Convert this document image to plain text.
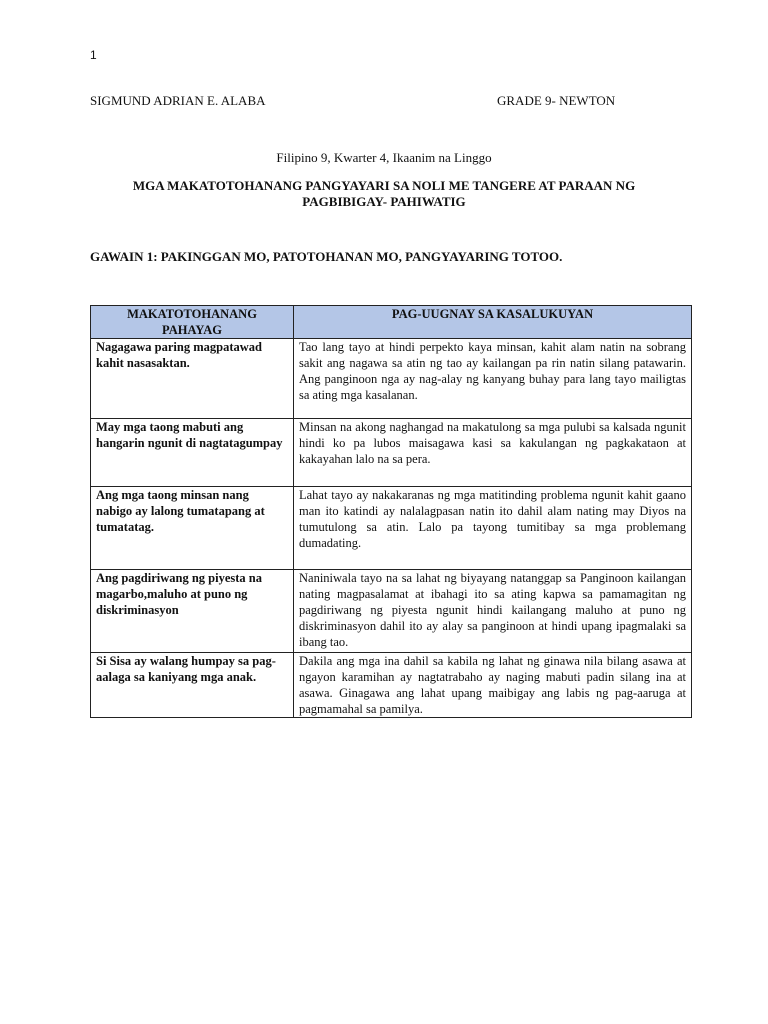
1
SIGMUND ADRIAN E. ALABA	GRADE 9- NEWTON
Filipino 9, Kwarter 4, Ikaanim na Linggo
MGA MAKATOTOHANANG PANGYAYARI SA NOLI ME TANGERE AT PARAAN NG PAGBIBIGAY- PAHIWATIG
GAWAIN 1: PAKINGGAN MO, PATOTOHANAN MO, PANGYAYARING TOTOO.
MAKATOTOHANANG PAHAYAG	PAG-UUGNAY SA KASALUKUYAN
Nagagawa paring magpatawad kahit nasasaktan.	Tao lang tayo at hindi perpekto kaya minsan, kahit alam natin na sobrang sakit ang nagawa sa atin ng tao ay kailangan pa rin natin silang patawarin. Ang panginoon nga ay nag-alay ng kanyang buhay para lang tayo mailigtas sa ating mga kasalanan.
May mga taong mabuti ang hangarin ngunit di nagtatagumpay	Minsan na akong naghangad na makatulong sa mga pulubi sa kalsada ngunit hindi ko pa lubos maisagawa kasi sa kakulangan ng pagkakataon at kakayahan lalo na sa pera.
Ang mga taong minsan nang nabigo ay lalong tumatapang at tumatatag.	Lahat tayo ay nakakaranas ng mga matitinding problema ngunit kahit gaano man ito katindi ay nalalagpasan natin ito dahil alam nating may Diyos na tumutulong sa atin. Lalo pa tayong tumitibay sa mga problemang dumadating.
Ang pagdiriwang ng piyesta na magarbo,maluho at puno ng diskriminasyon	Naniniwala tayo na sa lahat ng biyayang natanggap sa Panginoon kailangan nating magpasalamat at ibahagi ito sa ating kapwa sa pamamagitan ng pagdiriwang ng piyesta ngunit hindi kailangang maluho at puno ng diskriminasyon dahil ito ay alay sa panginoon at hindi upang ipagmalaki sa ibang tao.
Si Sisa ay walang humpay sa pag-aalaga sa kaniyang mga anak.	Dakila ang mga ina dahil sa kabila ng lahat ng ginawa nila bilang asawa at ngayon karamihan ay nagtatrabaho ay naging mabuti padin silang ina at asawa. Ginagawa ang lahat upang maibigay ang labis ng pag-aaruga at pagmamahal sa pamilya.
